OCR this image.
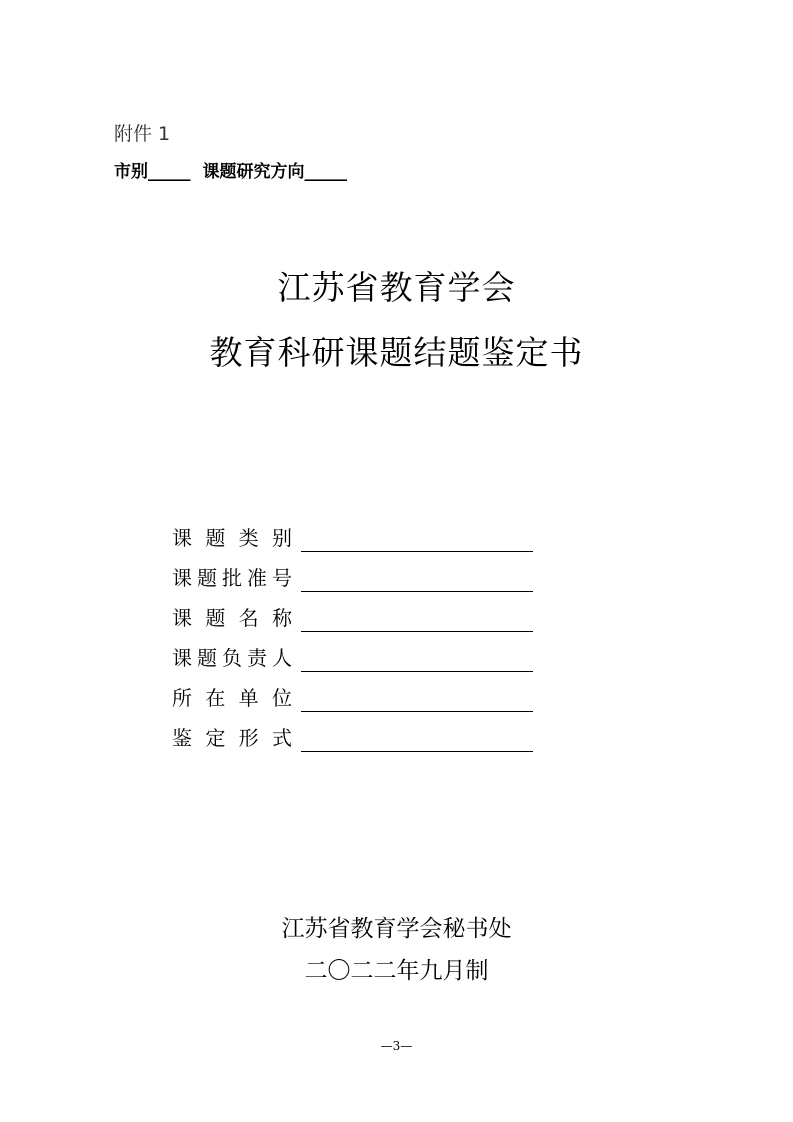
附件 1
市别_____ 课题研究方向_____
江苏省教育学会
教育科研课题结题鉴定书
课 题 类 别
课 题 批 准 号
课 题 名 称
课 题 负 责 人
所 在 单 位
鉴 定 形 式
江苏省教育学会秘书处
二〇二二年九月制
—3—
